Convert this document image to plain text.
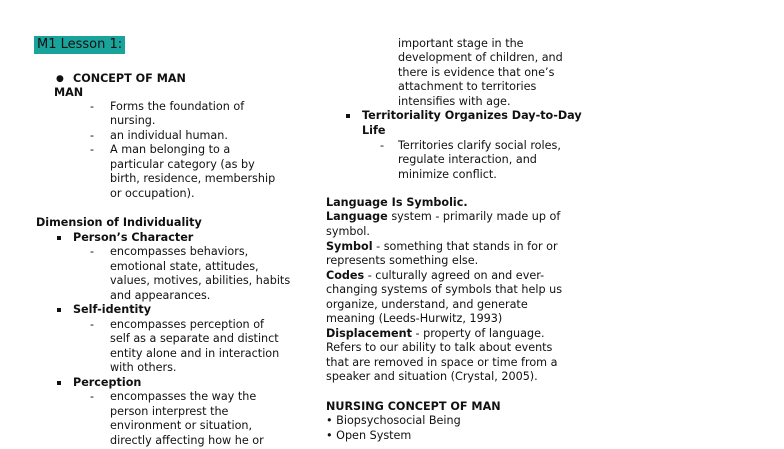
M1 Lesson 1:
● CONCEPT OF MAN
MAN
- Forms the foundation of
nursing.
- an individual human.
- A man belonging to a
particular category (as by
birth, residence, membership
or occupation).
Dimension of Individuality
Person’s Character
- encompasses behaviors,
emotional state, attitudes,
values, motives, abilities, habits
and appearances.
Self-identity
- encompasses perception of
self as a separate and distinct
entity alone and in interaction
with others.
Perception
- encompasses the way the
person interprest the
environment or situation,
directly affecting how he or
important stage in the
development of children, and
there is evidence that one’s
attachment to territories
intensifies with age.
Territoriality Organizes Day-to-Day
Life
- Territories clarify social roles,
regulate interaction, and
minimize conflict.
Language Is Symbolic.
Language system - primarily made up of
symbol.
Symbol - something that stands in for or
represents something else.
Codes - culturally agreed on and ever-
changing systems of symbols that help us
organize, understand, and generate
meaning (Leeds-Hurwitz, 1993)
Displacement - property of language.
Refers to our ability to talk about events
that are removed in space or time from a
speaker and situation (Crystal, 2005).
NURSING CONCEPT OF MAN
• Biopsychosocial Being
• Open System
